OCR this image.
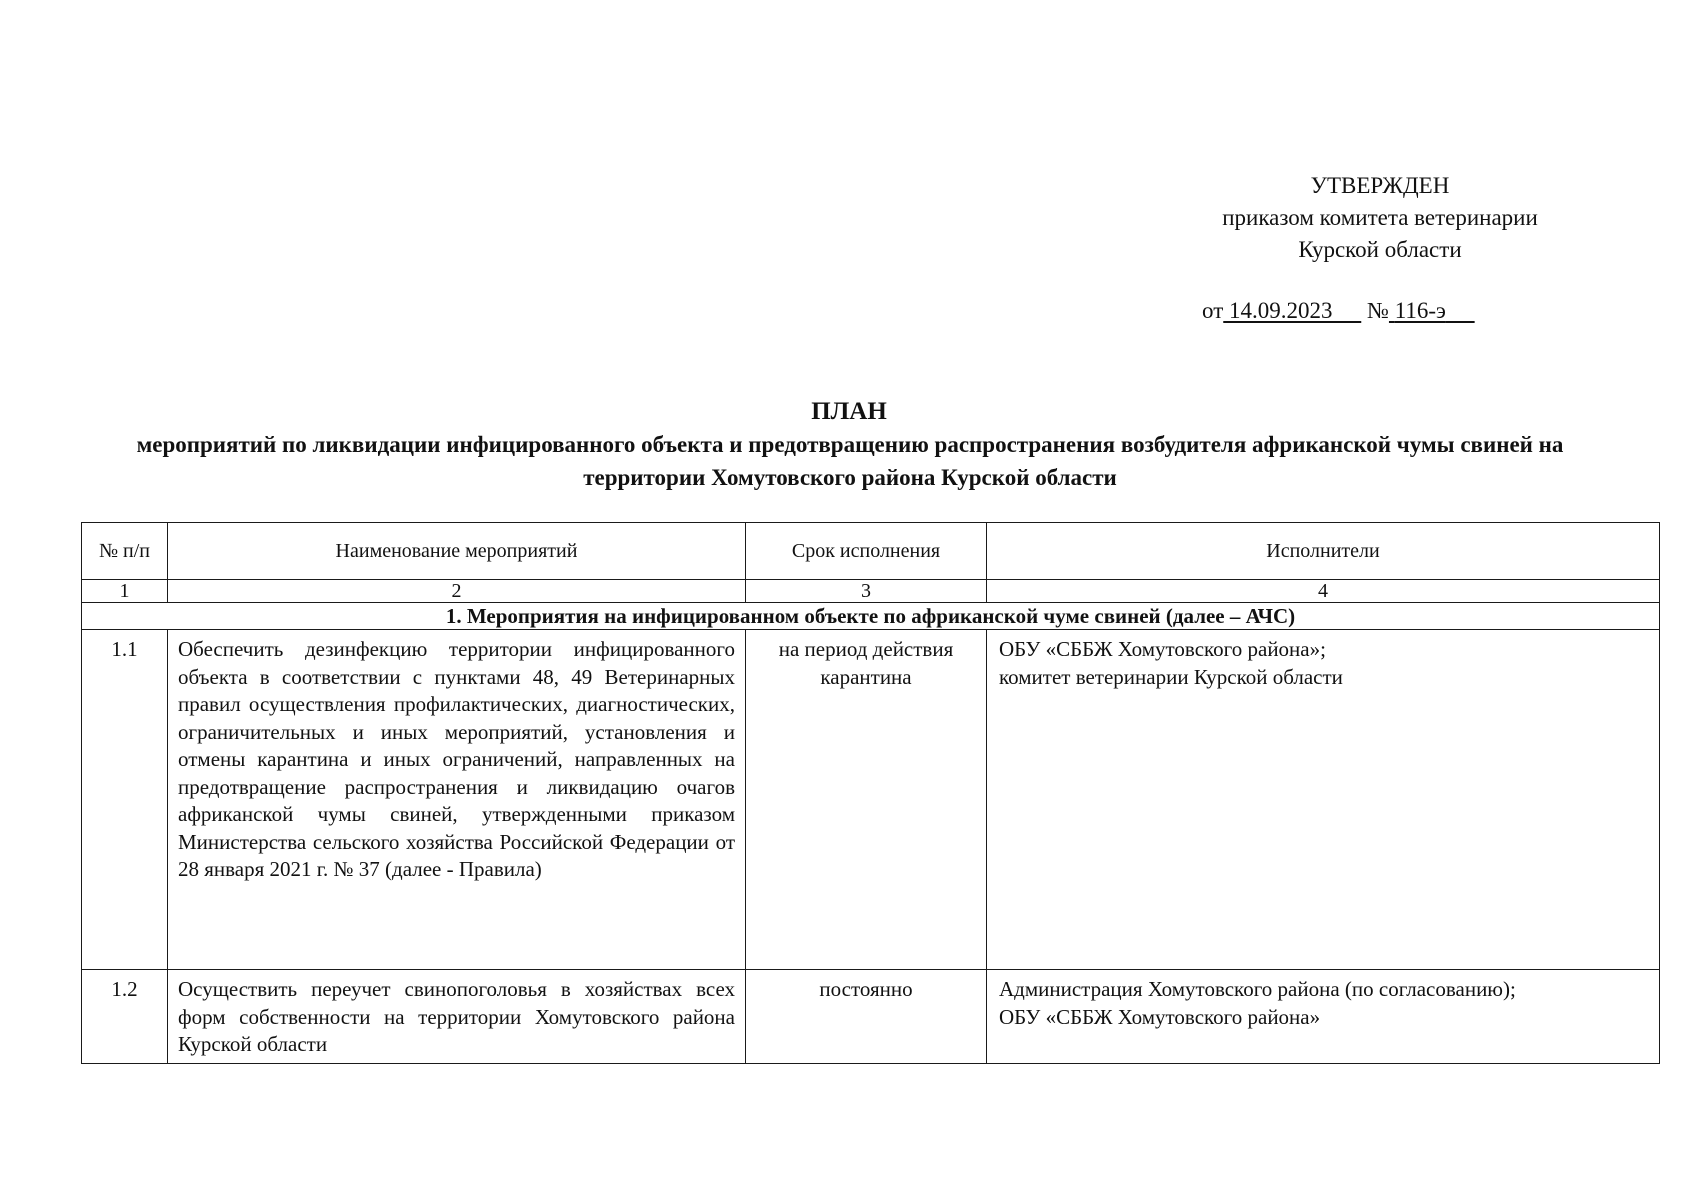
УТВЕРЖДЕН
приказом комитета ветеринарии
Курской области
от 14.09.2023 № 116-э
ПЛАН
мероприятий по ликвидации инфицированного объекта и предотвращению распространения возбудителя африканской чумы свиней на территории Хомутовского района Курской области
№ п/п	Наименование мероприятий	Срок исполнения	Исполнители
1	2	3	4
1. Мероприятия на инфицированном объекте по африканской чуме свиней (далее – АЧС)			
1.1	Обеспечить дезинфекцию территории инфицированного объекта в соответствии с пунктами 48, 49 Ветеринарных правил осуществления профилактических, диагностических, ограничительных и иных мероприятий, установления и отмены карантина и иных ограничений, направленных на предотвращение распространения и ликвидацию очагов африканской чумы свиней, утвержденными приказом Министерства сельского хозяйства Российской Федерации от 28 января 2021 г. № 37 (далее - Правила)	на период действия карантина	ОБУ «СББЖ Хомутовского района»;
комитет ветеринарии Курской области

1.2	Осуществить переучет свинопоголовья в хозяйствах всех форм собственности на территории Хомутовского района Курской области	постоянно	Администрация Хомутовского района (по согласованию);
ОБУ «СББЖ Хомутовского района»
